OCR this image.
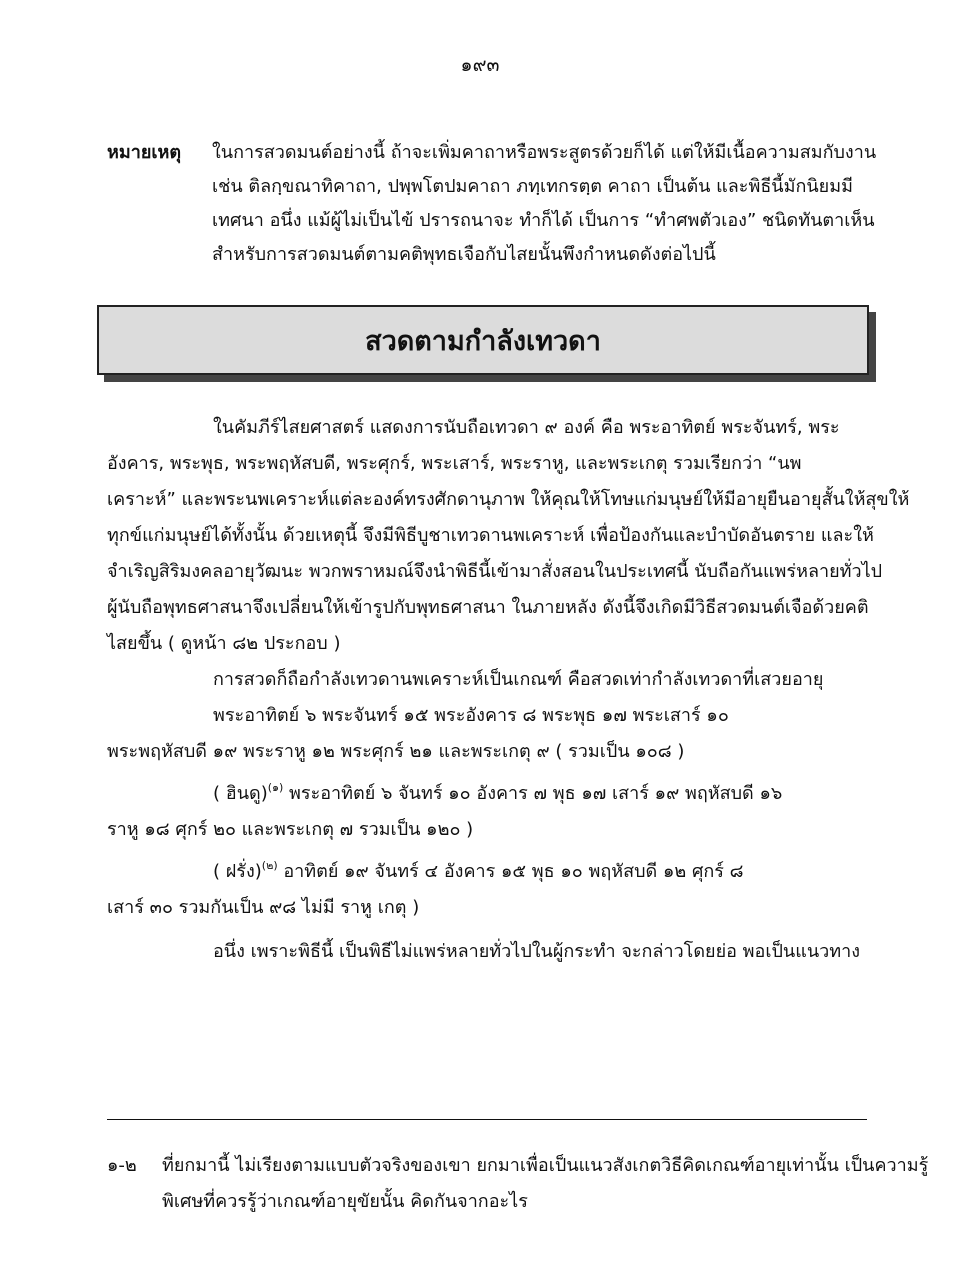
๑๙๓
หมายเหตุ ในการสวดมนต์อย่างนี้ ถ้าจะเพิ่มคาถาหรือพระสูตรด้วยก็ได้ แต่ให้มีเนื้อความสมกับงาน
เช่น ติลกฺขณาทิคาถา, ปพฺพโตปมคาถา ภทฺเทกรตฺต คาถา เป็นต้น และพิธีนี้มักนิยมมี
เทศนา อนึ่ง แม้ผู้ไม่เป็นไข้ ปรารถนาจะ ทำก็ได้ เป็นการ “ทำศพตัวเอง” ชนิดทันตาเห็น
สำหรับการสวดมนต์ตามคติพุทธเจือกับไสยนั้นพึงกำหนดดังต่อไปนี้
สวดตามกำลังเทวดา
ในคัมภีร์ไสยศาสตร์ แสดงการนับถือเทวดา ๙ องค์ คือ พระอาทิตย์ พระจันทร์, พระ
อังคาร, พระพุธ, พระพฤหัสบดี, พระศุกร์, พระเสาร์, พระราหู, และพระเกตุ รวมเรียกว่า “นพ
เคราะห์” และพระนพเคราะห์แต่ละองค์ทรงศักดานุภาพ ให้คุณให้โทษแก่มนุษย์ให้มีอายุยืนอายุสั้นให้สุขให้
ทุกข์แก่มนุษย์ได้ทั้งนั้น ด้วยเหตุนี้ จึงมีพิธีบูชาเทวดานพเคราะห์ เพื่อป้องกันและบำบัดอันตราย และให้
จำเริญสิริมงคลอายุวัฒนะ พวกพราหมณ์จึงนำพิธีนี้เข้ามาสั่งสอนในประเทศนี้ นับถือกันแพร่หลายทั่วไป
ผู้นับถือพุทธศาสนาจึงเปลี่ยนให้เข้ารูปกับพุทธศาสนา ในภายหลัง ดังนี้จึงเกิดมีวิธีสวดมนต์เจือด้วยคติ
ไสยขึ้น ( ดูหน้า ๘๒ ประกอบ )
การสวดก็ถือกำลังเทวดานพเคราะห์เป็นเกณฑ์ คือสวดเท่ากำลังเทวดาที่เสวยอายุ
พระอาทิตย์ ๖ พระจันทร์ ๑๕ พระอังคาร ๘ พระพุธ ๑๗ พระเสาร์ ๑๐
พระพฤหัสบดี ๑๙ พระราหู ๑๒ พระศุกร์ ๒๑ และพระเกตุ ๙ ( รวมเป็น ๑๐๘ )
( ฮินดู)$^{(๑)}$ พระอาทิตย์ ๖ จันทร์ ๑๐ อังคาร ๗ พุธ ๑๗ เสาร์ ๑๙ พฤหัสบดี ๑๖
ราหู ๑๘ ศุกร์ ๒๐ และพระเกตุ ๗ รวมเป็น ๑๒๐ )
( ฝรั่ง)$^{(๒)}$ อาทิตย์ ๑๙ จันทร์ ๔ อังคาร ๑๕ พุธ ๑๐ พฤหัสบดี ๑๒ ศุกร์ ๘
เสาร์ ๓๐ รวมกันเป็น ๙๘ ไม่มี ราหู เกตุ )
อนึ่ง เพราะพิธีนี้ เป็นพิธีไม่แพร่หลายทั่วไปในผู้กระทำ จะกล่าวโดยย่อ พอเป็นแนวทาง
๑-๒ ที่ยกมานี้ ไม่เรียงตามแบบตัวจริงของเขา ยกมาเพื่อเป็นแนวสังเกตวิธีคิดเกณฑ์อายุเท่านั้น เป็นความรู้
พิเศษที่ควรรู้ว่าเกณฑ์อายุขัยนั้น คิดกันจากอะไร
